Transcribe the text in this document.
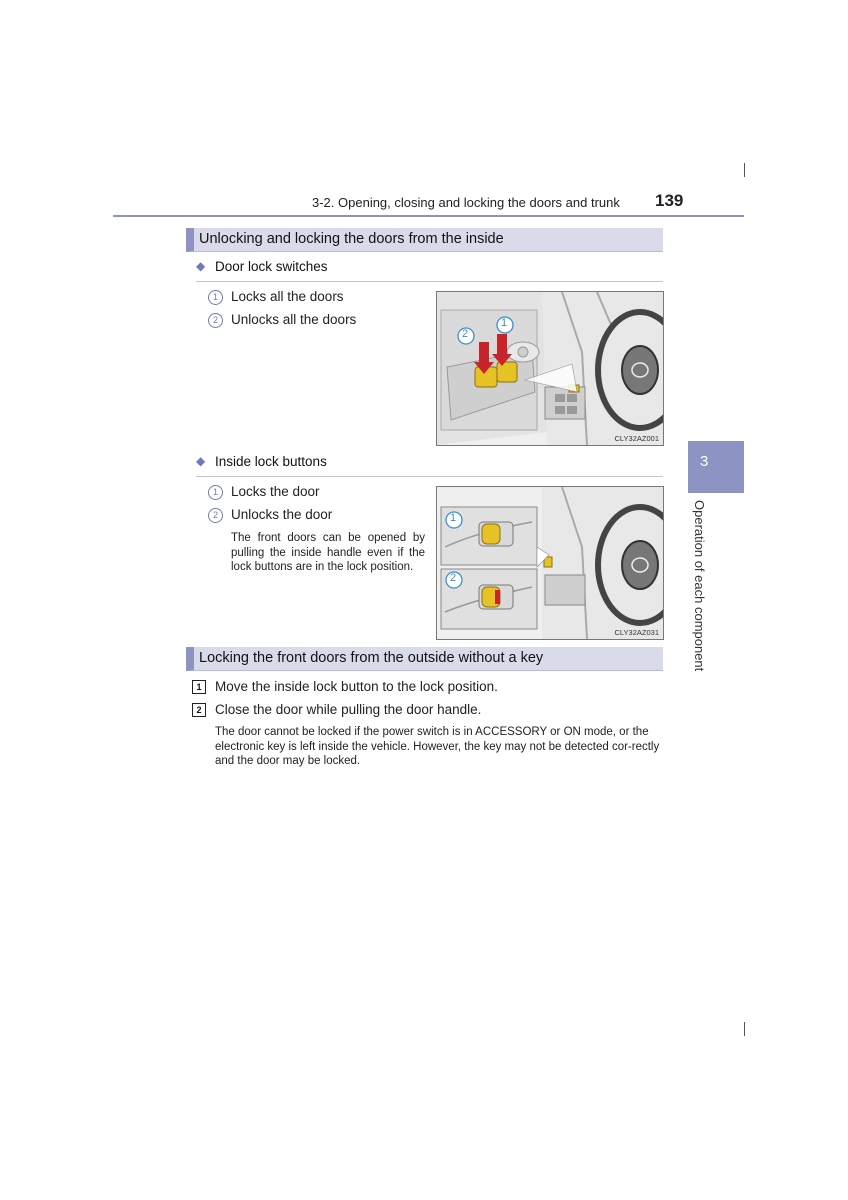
3-2. Opening, closing and locking the doors and trunk 139
Unlocking and locking the doors from the inside
◆ Door lock switches
1 Locks all the doors
2 Unlocks all the doors
2
1
CLY32AZ001
◆ Inside lock buttons
1 Locks the door
2 Unlocks the door
The front doors can be opened by pulling the inside handle even if the lock buttons are in the lock position.
1
2
CLY32AZ031
Locking the front doors from the outside without a key
1	Move the inside lock button to the lock position.
2	Close the door while pulling the door handle.
The door cannot be locked if the power switch is in ACCESSORY or ON mode, or the electronic key is left inside the vehicle. However, the key may not be detected cor-rectly and the door may be locked.
3
Operation of each component
